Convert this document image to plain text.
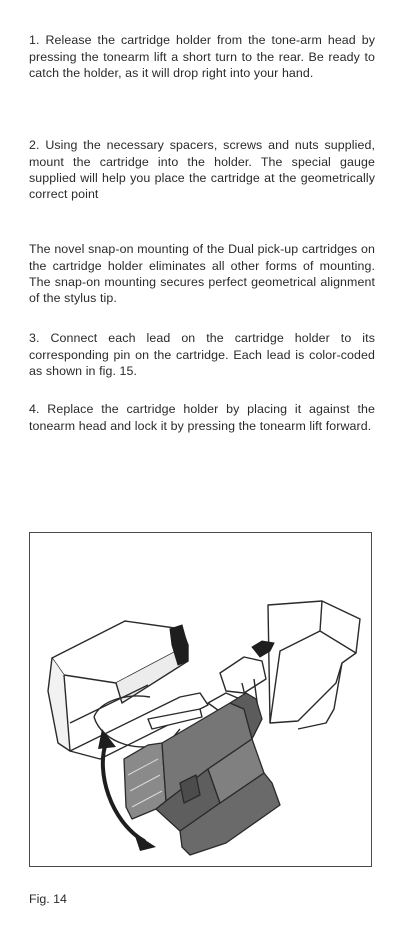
1. Release the cartridge holder from the tone-arm head by pressing the tonearm lift a short turn to the rear. Be ready to catch the holder, as it will drop right into your hand.

2. Using the necessary spacers, screws and nuts supplied, mount the cartridge into the holder. The special gauge supplied will help you place the cartridge at the geometrically correct point

The novel snap-on mounting of the Dual pick-up cartridges on the cartridge holder eliminates all other forms of mounting. The snap-on mounting secures perfect geometrical alignment of the stylus tip.

3. Connect each lead on the cartridge holder to its corresponding pin on the cartridge. Each lead is color-coded as shown in fig. 15.

4. Replace the cartridge holder by placing it against the tonearm head and lock it by pressing the tonearm lift forward.

Fig. 14
